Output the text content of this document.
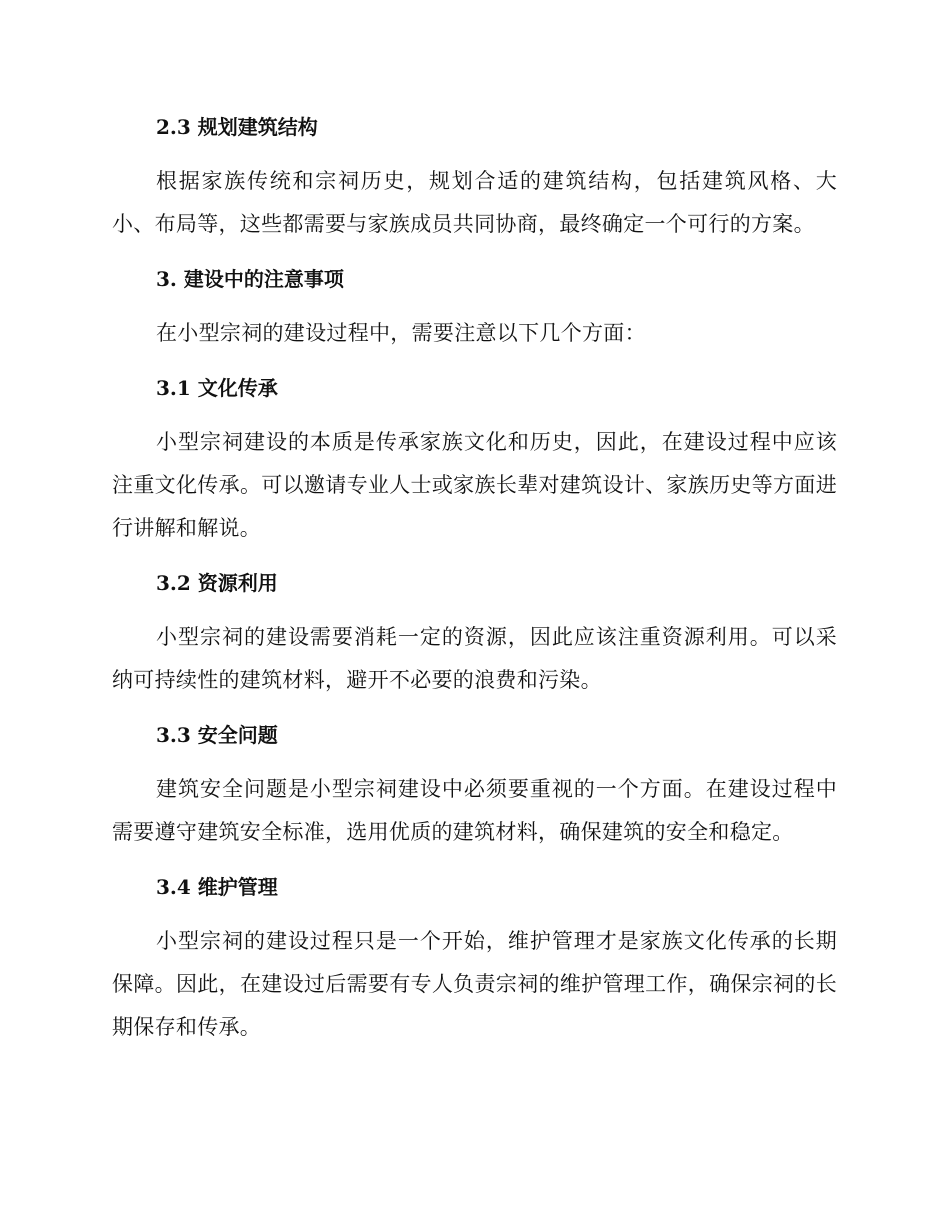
2.3 规划建筑结构
根据家族传统和宗祠历史，规划合适的建筑结构，包括建筑风格、大小、布局等，这些都需要与家族成员共同协商，最终确定一个可行的方案。
3. 建设中的注意事项
在小型宗祠的建设过程中，需要注意以下几个方面：
3.1 文化传承
小型宗祠建设的本质是传承家族文化和历史，因此，在建设过程中应该注重文化传承。可以邀请专业人士或家族长辈对建筑设计、家族历史等方面进行讲解和解说。
3.2 资源利用
小型宗祠的建设需要消耗一定的资源，因此应该注重资源利用。可以采纳可持续性的建筑材料，避开不必要的浪费和污染。
3.3 安全问题
建筑安全问题是小型宗祠建设中必须要重视的一个方面。在建设过程中需要遵守建筑安全标准，选用优质的建筑材料，确保建筑的安全和稳定。
3.4 维护管理
小型宗祠的建设过程只是一个开始，维护管理才是家族文化传承的长期保障。因此，在建设过后需要有专人负责宗祠的维护管理工作，确保宗祠的长期保存和传承。
